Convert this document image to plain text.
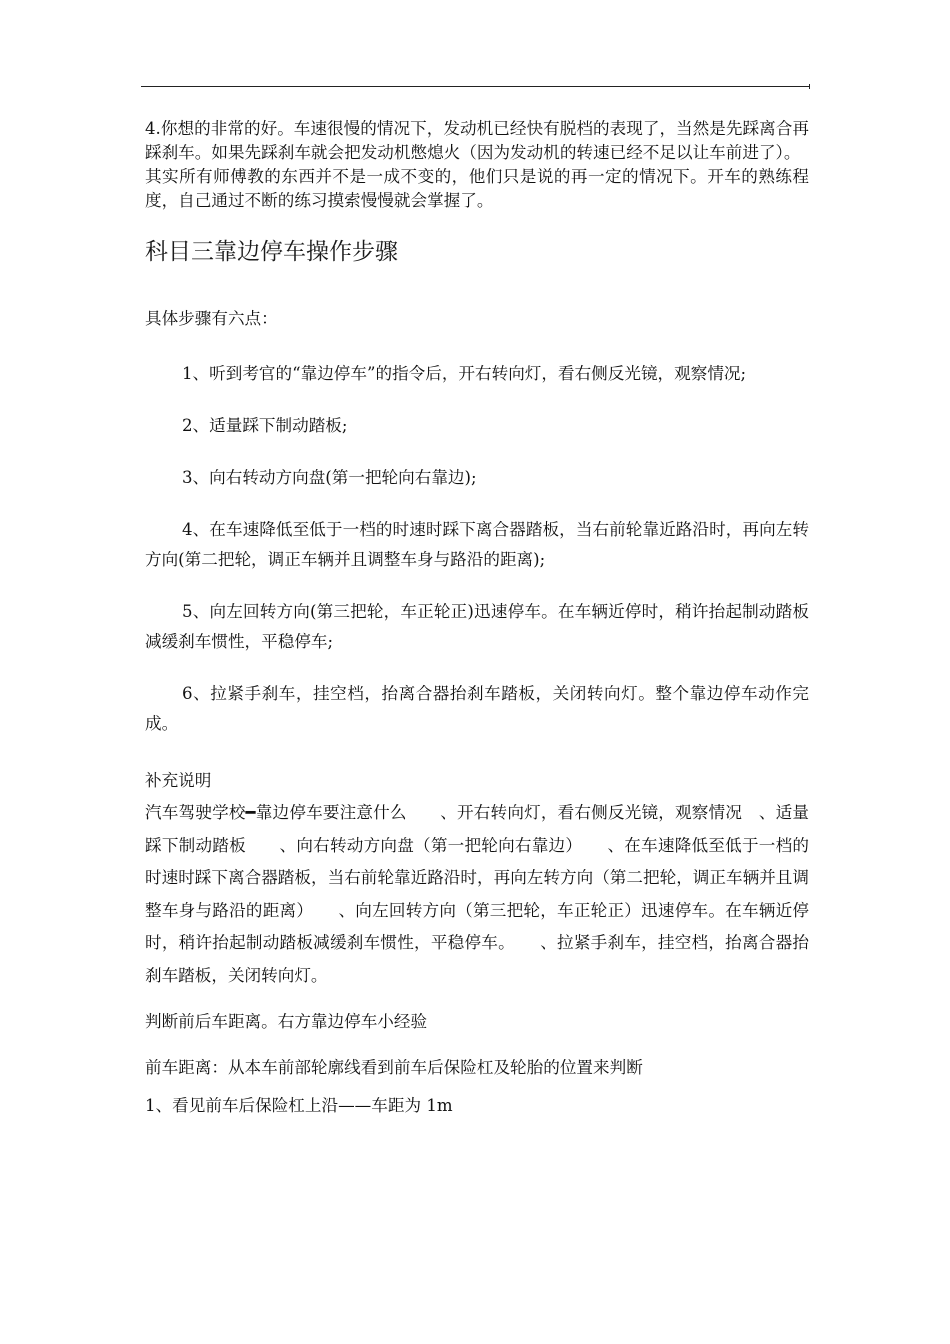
4.你想的非常的好。车速很慢的情况下，发动机已经快有脱档的表现了，当然是先踩离合再踩刹车。如果先踩刹车就会把发动机憋熄火（因为发动机的转速已经不足以让车前进了）。

其实所有师傅教的东西并不是一成不变的，他们只是说的再一定的情况下。开车的熟练程度，自己通过不断的练习摸索慢慢就会掌握了。

科目三靠边停车操作步骤

具体步骤有六点：

1、听到考官的“靠边停车”的指令后，开右转向灯，看右侧反光镜，观察情况;

2、适量踩下制动踏板;

3、向右转动方向盘(第一把轮向右靠边);

4、在车速降低至低于一档的时速时踩下离合器踏板，当右前轮靠近路沿时，再向左转方向(第二把轮，调正车辆并且调整车身与路沿的距离);

5、向左回转方向(第三把轮，车正轮正)迅速停车。在车辆近停时，稍许抬起制动踏板减缓刹车惯性，平稳停车;

6、拉紧手刹车，挂空档，抬离合器抬刹车踏板，关闭转向灯。整个靠边停车动作完成。

补充说明

汽车驾驶学校━靠边停车要注意什么　　、开右转向灯，看右侧反光镜，观察情况　、适量踩下制动踏板　　、向右转动方向盘（第一把轮向右靠边）　　、在车速降低至低于一档的时速时踩下离合器踏板，当右前轮靠近路沿时，再向左转方向（第二把轮，调正车辆并且调整车身与路沿的距离）　　、向左回转方向（第三把轮，车正轮正）迅速停车。在车辆近停时，稍许抬起制动踏板减缓刹车惯性，平稳停车。　　、拉紧手刹车，挂空档，抬离合器抬刹车踏板，关闭转向灯。

判断前后车距离。右方靠边停车小经验

前车距离：从本车前部轮廓线看到前车后保险杠及轮胎的位置来判断

1、看见前车后保险杠上沿——车距为 1m
